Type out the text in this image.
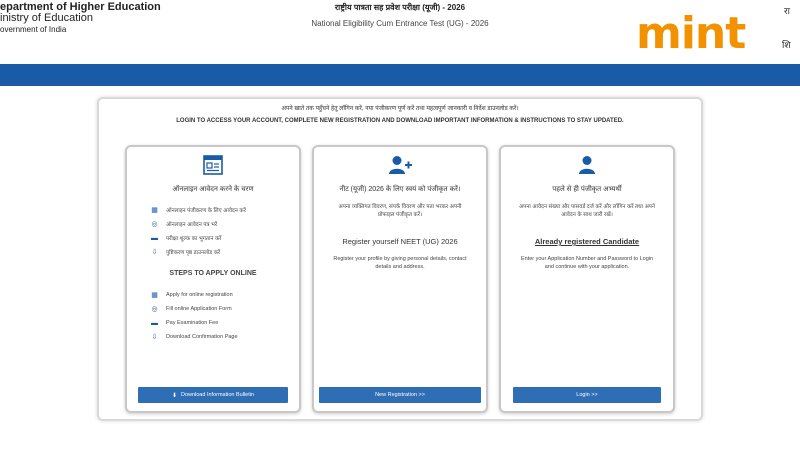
epartment of Higher Education
inistry of Education
overnment of India
राष्ट्रीय पात्रता सह प्रवेश परीक्षा (यूजी) - 2026
National Eligibility Cum Entrance Test (UG) - 2026	mint	रा
शि
अपने खाते तक पहुँचने हेतु लॉगिन करें, नया पंजीकरण पूर्ण करें तथा महत्वपूर्ण जानकारी व निर्देश डाउनलोड करें।
LOGIN TO ACCESS YOUR ACCOUNT, COMPLETE NEW REGISTRATION AND DOWNLOAD IMPORTANT INFORMATION & INSTRUCTIONS TO STAY UPDATED.
ऑनलाइन आवेदन करने के चरण
▦ ऑनलाइन पंजीकरण के लिए आवेदन करें
◎ ऑनलाइन आवेदन पत्र भरें
▬ परीक्षा शुल्क का भुगतान करें
⇩ पुष्टिकरण पृष्ठ डाउनलोड करें
STEPS TO APPLY ONLINE
▦ Apply for online registration
◎ Fill online Application Form
▬ Pay Examination Fee
⇩ Download Confirmation Page
⬇ Download Information Bulletin
नीट (यूजी) 2026 के लिए स्वयं को पंजीकृत करें।
अपना व्यक्तिगत विवरण, संपर्क विवरण और पता भरकर अपनी प्रोफाइल पंजीकृत करें।
Register yourself NEET (UG) 2026
Register your profile by giving personal details, contact details and address.
New Registration >>
पहले से ही पंजीकृत अभ्यर्थी
अपना आवेदन संख्या और पासवर्ड दर्ज करें और लॉगिन करें तथा अपने आवेदन के साथ जारी रखें।
Already registered Candidate
Enter your Application Number and Password to Login and continue with your application.
Login >>
